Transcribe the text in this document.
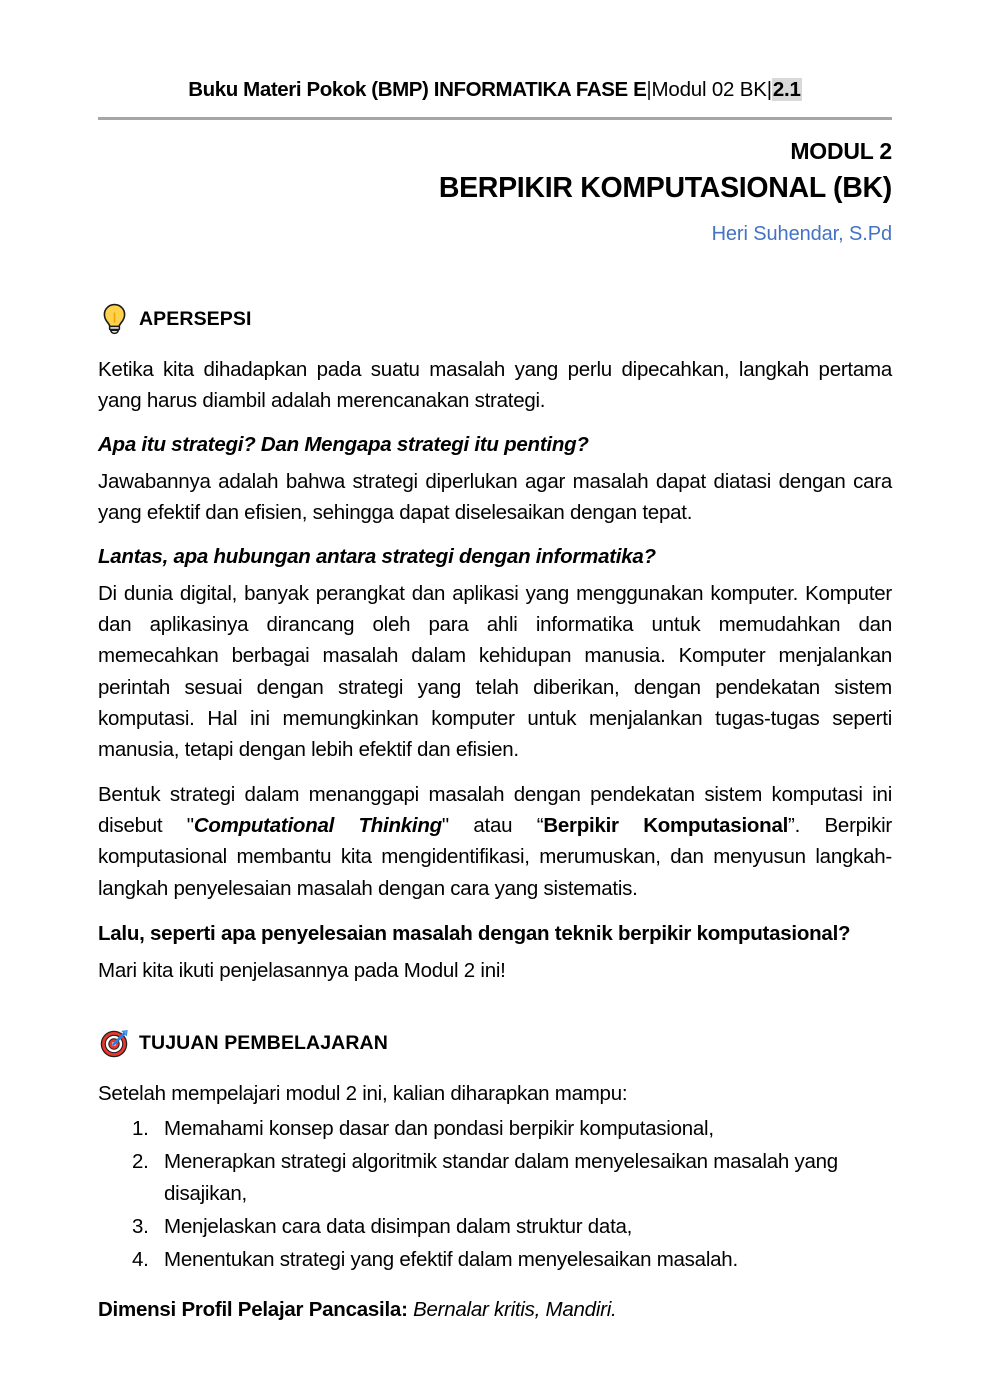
Buku Materi Pokok (BMP) INFORMATIKA FASE E|Modul 02 BK|2.1
MODUL 2
BERPIKIR KOMPUTASIONAL (BK)
Heri Suhendar, S.Pd
APERSEPSI

Ketika kita dihadapkan pada suatu masalah yang perlu dipecahkan, langkah pertama yang harus diambil adalah merencanakan strategi.

Apa itu strategi? Dan Mengapa strategi itu penting?

Jawabannya adalah bahwa strategi diperlukan agar masalah dapat diatasi dengan cara yang efektif dan efisien, sehingga dapat diselesaikan dengan tepat.

Lantas, apa hubungan antara strategi dengan informatika?

Di dunia digital, banyak perangkat dan aplikasi yang menggunakan komputer. Komputer dan aplikasinya dirancang oleh para ahli informatika untuk memudahkan dan memecahkan berbagai masalah dalam kehidupan manusia. Komputer menjalankan perintah sesuai dengan strategi yang telah diberikan, dengan pendekatan sistem komputasi. Hal ini memungkinkan komputer untuk menjalankan tugas-tugas seperti manusia, tetapi dengan lebih efektif dan efisien.

Bentuk strategi dalam menanggapi masalah dengan pendekatan sistem komputasi ini disebut "Computational Thinking" atau “Berpikir Komputasional”. Berpikir komputasional membantu kita mengidentifikasi, merumuskan, dan menyusun langkah-langkah penyelesaian masalah dengan cara yang sistematis.

Lalu, seperti apa penyelesaian masalah dengan teknik berpikir komputasional?

Mari kita ikuti penjelasannya pada Modul 2 ini!

TUJUAN PEMBELAJARAN

Setelah mempelajari modul 2 ini, kalian diharapkan mampu:

1. Memahami konsep dasar dan pondasi berpikir komputasional,
2. Menerapkan strategi algoritmik standar dalam menyelesaikan masalah yang disajikan,
3. Menjelaskan cara data disimpan dalam struktur data,
4. Menentukan strategi yang efektif dalam menyelesaikan masalah.

Dimensi Profil Pelajar Pancasila: Bernalar kritis, Mandiri.
